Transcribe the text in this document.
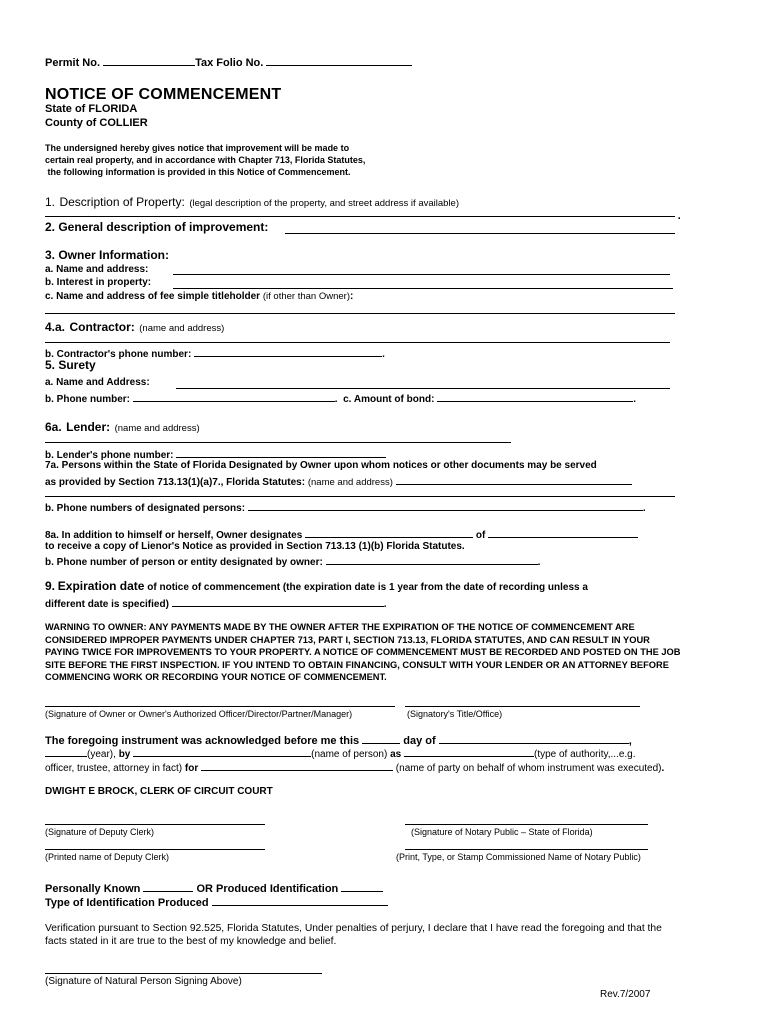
Permit No.	Tax Folio No.
NOTICE OF COMMENCEMENT
State of FLORIDA
County of COLLIER
The undersigned hereby gives notice that improvement will be made to
certain real property, and in accordance with Chapter 713, Florida Statutes,
the following information is provided in this Notice of Commencement.
1. Description of Property: (legal description of the property, and street address if available)
.
2. General description of improvement:
3. Owner Information:
a. Name and address:
b. Interest in property:
c. Name and address of fee simple titleholder (if other than Owner):
4.a. Contractor: (name and address)
b. Contractor's phone number:	.
5. Surety
a. Name and Address:
b. Phone number:	.  c. Amount of bond:	.
6a. Lender: (name and address)
b. Lender's phone number:
7a. Persons within the State of Florida Designated by Owner upon whom notices or other documents may be served
as provided by Section 713.13(1)(a)7., Florida Statutes: (name and address)
b. Phone numbers of designated persons:	.
8a. In addition to himself or herself, Owner designates	of
to receive a copy of Lienor's Notice as provided in Section 713.13 (1)(b) Florida Statutes.
b. Phone number of person or entity designated by owner:	.
9. Expiration date of notice of commencement (the expiration date is 1 year from the date of recording unless a
different date is specified)	.
WARNING TO OWNER: ANY PAYMENTS MADE BY THE OWNER AFTER THE EXPIRATION OF THE NOTICE OF COMMENCEMENT ARE CONSIDERED IMPROPER PAYMENTS UNDER CHAPTER 713, PART I, SECTION 713.13, FLORIDA STATUTES, AND CAN RESULT IN YOUR PAYING TWICE FOR IMPROVEMENTS TO YOUR PROPERTY. A NOTICE OF COMMENCEMENT MUST BE RECORDED AND POSTED ON THE JOB SITE BEFORE THE FIRST INSPECTION. IF YOU INTEND TO OBTAIN FINANCING, CONSULT WITH YOUR LENDER OR AN ATTORNEY BEFORE COMMENCING WORK OR RECORDING YOUR NOTICE OF COMMENCEMENT.
(Signature of Owner or Owner's Authorized Officer/Director/Partner/Manager)	(Signatory's Title/Office)
The foregoing instrument was acknowledged before me this	day of	,
(year), by	(name of person) as	(type of authority,...e.g.
officer, trustee, attorney in fact) for	(name of party on behalf of whom instrument was executed).
DWIGHT E BROCK, CLERK OF CIRCUIT COURT
(Signature of Deputy Clerk)	(Signature of Notary Public – State of Florida)
(Printed name of Deputy Clerk)	(Print, Type, or Stamp Commissioned Name of Notary Public)
Personally Known	OR Produced Identification
Type of Identification Produced
Verification pursuant to Section 92.525, Florida Statutes, Under penalties of perjury, I declare that I have read the foregoing and that the facts stated in it are true to the best of my knowledge and belief.
(Signature of Natural Person Signing Above)
Rev.7/2007
